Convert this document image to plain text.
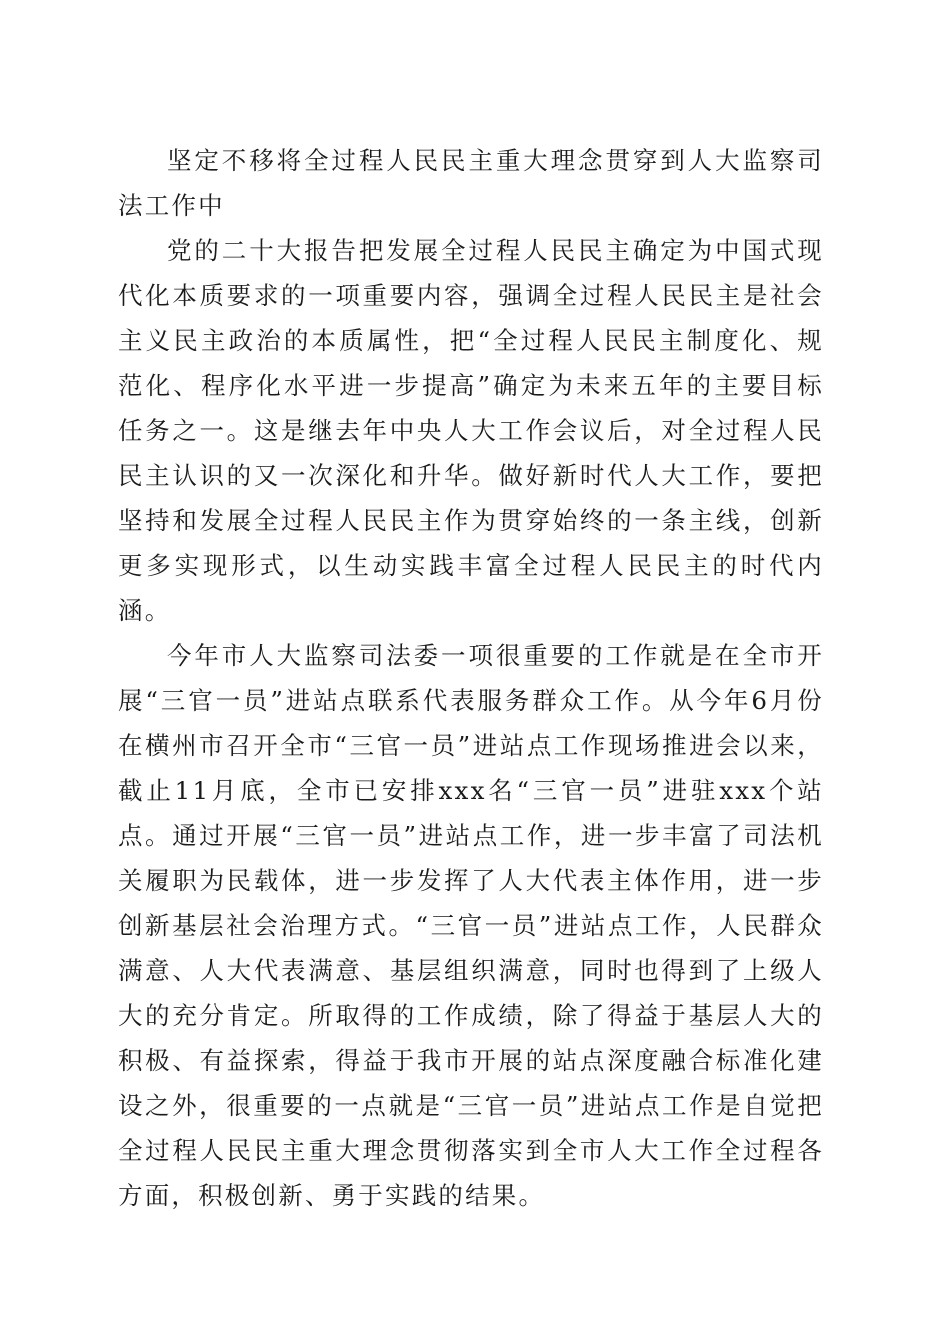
坚定不移将全过程人民民主重大理念贯穿到人大监察司法工作中

党的二十大报告把发展全过程人民民主确定为中国式现代化本质要求的一项重要内容，强调全过程人民民主是社会主义民主政治的本质属性，把“全过程人民民主制度化、规范化、程序化水平进一步提高”确定为未来五年的主要目标任务之一。这是继去年中央人大工作会议后，对全过程人民民主认识的又一次深化和升华。做好新时代人大工作，要把坚持和发展全过程人民民主作为贯穿始终的一条主线，创新更多实现形式，以生动实践丰富全过程人民民主的时代内涵。

今年市人大监察司法委一项很重要的工作就是在全市开展“三官一员”进站点联系代表服务群众工作。从今年6月份在横州市召开全市“三官一员”进站点工作现场推进会以来，截止11月底，全市已安排xxx名“三官一员”进驻xxx个站点。通过开展“三官一员”进站点工作，进一步丰富了司法机关履职为民载体，进一步发挥了人大代表主体作用，进一步创新基层社会治理方式。“三官一员”进站点工作，人民群众满意、人大代表满意、基层组织满意，同时也得到了上级人大的充分肯定。所取得的工作成绩，除了得益于基层人大的积极、有益探索，得益于我市开展的站点深度融合标准化建设之外，很重要的一点就是“三官一员”进站点工作是自觉把全过程人民民主重大理念贯彻落实到全市人大工作全过程各方面，积极创新、勇于实践的结果。
